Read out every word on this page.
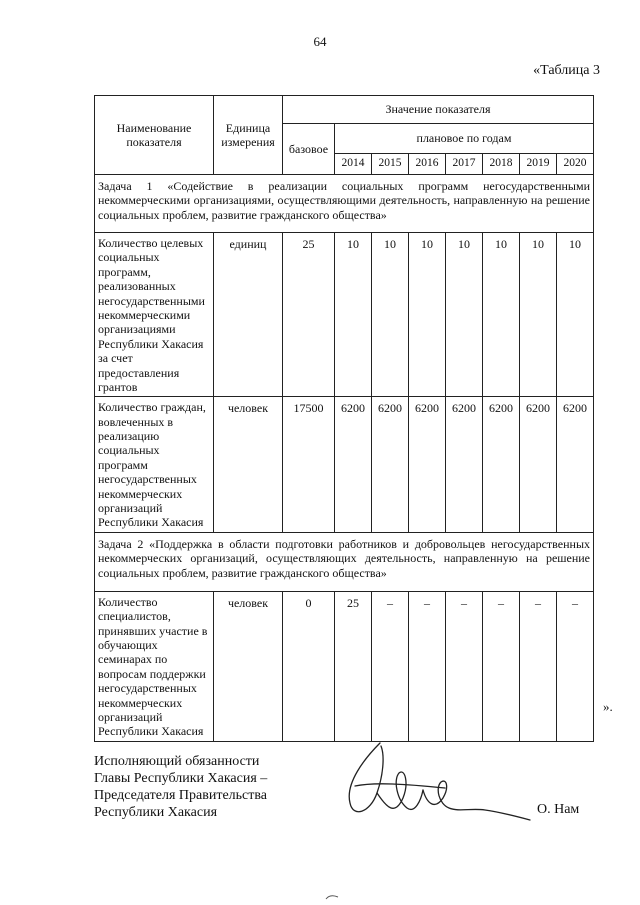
64
«Таблица 3
Наименование показателя	Единица измерения	Значение показателя							
		базовое	плановое по годам						
			2014	2015	2016	2017	2018	2019	2020
Задача 1 «Содействие в реализации социальных программ негосударственными некоммерческими организациями, осуществляющими деятельность, направленную на решение социальных проблем, развитие гражданского общества»									
Количество целевых социальных программ, реализованных негосударственными некоммерческими организациями Республики Хакасия за счет предоставления грантов	единиц	25	10	10	10	10	10	10	10
Количество граждан, вовлеченных в реализацию социальных программ негосударственных некоммерческих организаций Республики Хакасия	человек	17500	6200	6200	6200	6200	6200	6200	6200
Задача 2 «Поддержка в области подготовки работников и добровольцев негосударственных некоммерческих организаций, осуществляющих деятельность, направленную на решение социальных проблем, развитие гражданского общества»									
Количество специалистов, принявших участие в обучающих семинарах по вопросам поддержки негосударственных некоммерческих организаций Республики Хакасия	человек	0	25	–	–	–	–	–	–
».
Исполняющий обязанности
Главы Республики Хакасия –
Председателя Правительства
Республики Хакасия	О. Нам
